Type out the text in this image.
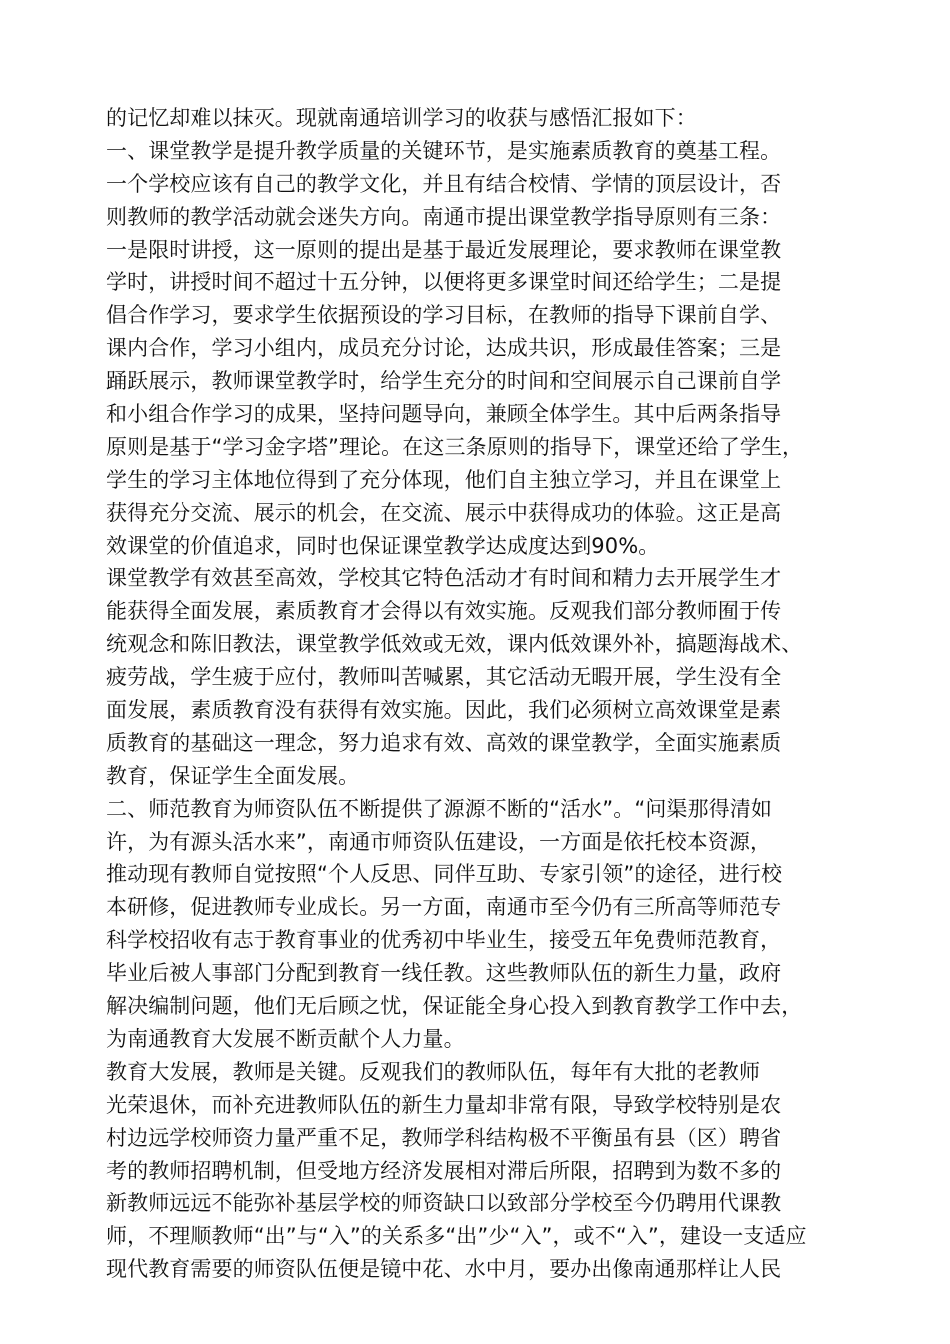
的记忆却难以抹灭。现就南通培训学习的收获与感悟汇报如下：
一、课堂教学是提升教学质量的关键环节，是实施素质教育的奠基工程。
一个学校应该有自己的教学文化，并且有结合校情、学情的顶层设计，否
则教师的教学活动就会迷失方向。南通市提出课堂教学指导原则有三条：
一是限时讲授，这一原则的提出是基于最近发展理论，要求教师在课堂教
学时，讲授时间不超过十五分钟，以便将更多课堂时间还给学生；二是提
倡合作学习，要求学生依据预设的学习目标，在教师的指导下课前自学、
课内合作，学习小组内，成员充分讨论，达成共识，形成最佳答案；三是
踊跃展示，教师课堂教学时，给学生充分的时间和空间展示自己课前自学
和小组合作学习的成果，坚持问题导向，兼顾全体学生。其中后两条指导
原则是基于“学习金字塔”理论。在这三条原则的指导下，课堂还给了学生，
学生的学习主体地位得到了充分体现，他们自主独立学习，并且在课堂上
获得充分交流、展示的机会，在交流、展示中获得成功的体验。这正是高
效课堂的价值追求，同时也保证课堂教学达成度达到90%。
课堂教学有效甚至高效，学校其它特色活动才有时间和精力去开展学生才
能获得全面发展，素质教育才会得以有效实施。反观我们部分教师囿于传
统观念和陈旧教法，课堂教学低效或无效，课内低效课外补，搞题海战术、
疲劳战，学生疲于应付，教师叫苦喊累，其它活动无暇开展，学生没有全
面发展，素质教育没有获得有效实施。因此，我们必须树立高效课堂是素
质教育的基础这一理念，努力追求有效、高效的课堂教学，全面实施素质
教育，保证学生全面发展。
二、师范教育为师资队伍不断提供了源源不断的“活水”。“问渠那得清如
许，为有源头活水来”，南通市师资队伍建设，一方面是依托校本资源，
推动现有教师自觉按照“个人反思、同伴互助、专家引领”的途径，进行校
本研修，促进教师专业成长。另一方面，南通市至今仍有三所高等师范专
科学校招收有志于教育事业的优秀初中毕业生，接受五年免费师范教育，
毕业后被人事部门分配到教育一线任教。这些教师队伍的新生力量，政府
解决编制问题，他们无后顾之忧，保证能全身心投入到教育教学工作中去，
为南通教育大发展不断贡献个人力量。
教育大发展，教师是关键。反观我们的教师队伍，每年有大批的老教师
光荣退休，而补充进教师队伍的新生力量却非常有限，导致学校特别是农
村边远学校师资力量严重不足，教师学科结构极不平衡虽有县（区）聘省
考的教师招聘机制，但受地方经济发展相对滞后所限，招聘到为数不多的
新教师远远不能弥补基层学校的师资缺口以致部分学校至今仍聘用代课教
师，不理顺教师“出”与“入”的关系多“出”少“入”，或不“入”，建设一支适应
现代教育需要的师资队伍便是镜中花、水中月，要办出像南通那样让人民
